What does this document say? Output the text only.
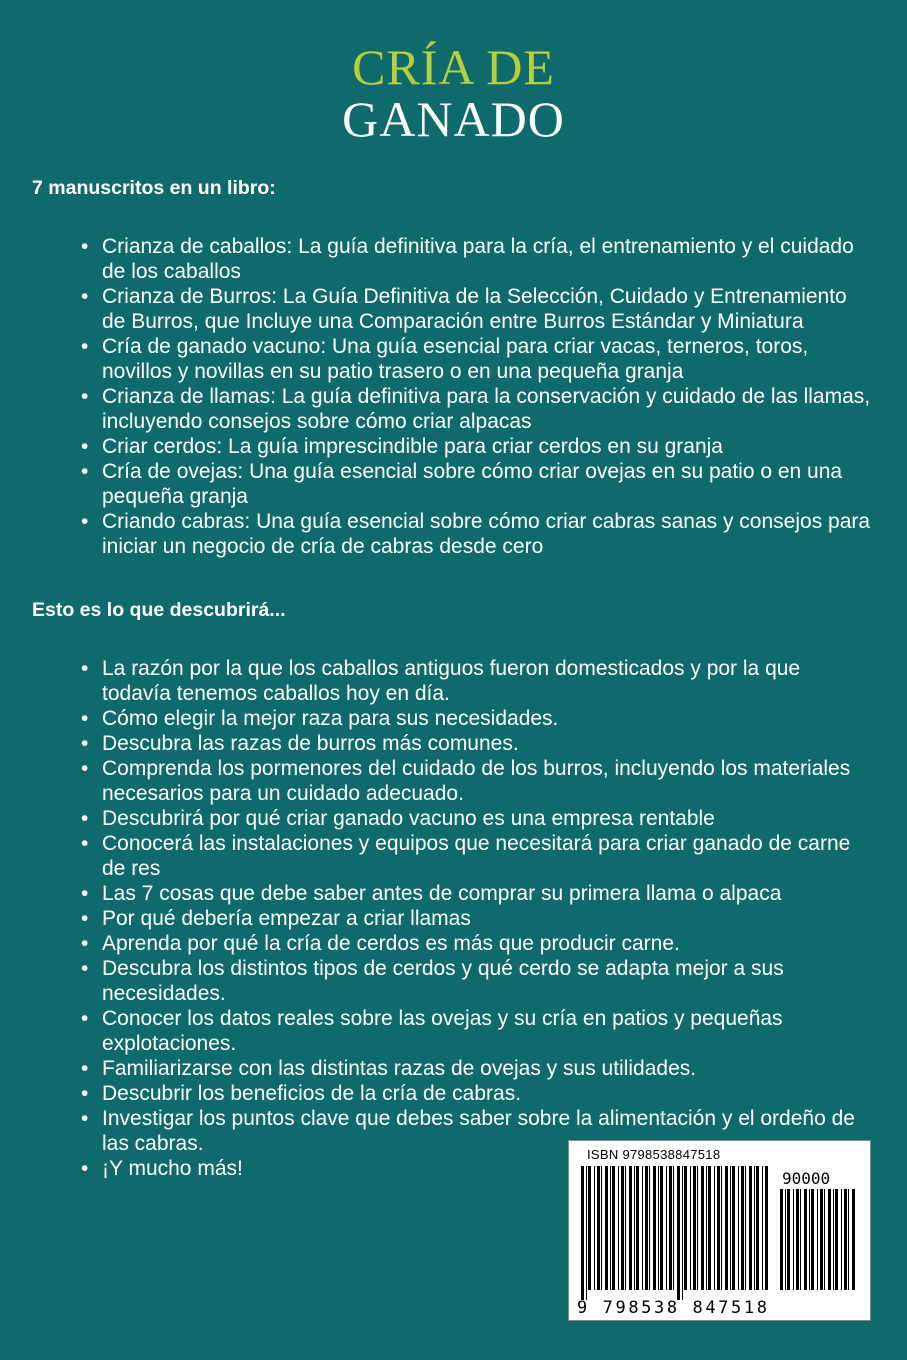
CRÍA DE
GANADO
7 manuscritos en un libro:
• Crianza de caballos: La guía definitiva para la cría, el entrenamiento y el cuidado de los caballos
• Crianza de Burros: La Guía Definitiva de la Selección, Cuidado y Entrenamiento de Burros, que Incluye una Comparación entre Burros Estándar y Miniatura
• Cría de ganado vacuno: Una guía esencial para criar vacas, terneros, toros, novillos y novillas en su patio trasero o en una pequeña granja
• Crianza de llamas: La guía definitiva para la conservación y cuidado de las llamas, incluyendo consejos sobre cómo criar alpacas
• Criar cerdos: La guía imprescindible para criar cerdos en su granja
• Cría de ovejas: Una guía esencial sobre cómo criar ovejas en su patio o en una pequeña granja
• Criando cabras: Una guía esencial sobre cómo criar cabras sanas y consejos para iniciar un negocio de cría de cabras desde cero
Esto es lo que descubrirá...
• La razón por la que los caballos antiguos fueron domesticados y por la que todavía tenemos caballos hoy en día.
• Cómo elegir la mejor raza para sus necesidades.
• Descubra las razas de burros más comunes.
• Comprenda los pormenores del cuidado de los burros, incluyendo los materiales necesarios para un cuidado adecuado.
• Descubrirá por qué criar ganado vacuno es una empresa rentable
• Conocerá las instalaciones y equipos que necesitará para criar ganado de carne de res
• Las 7 cosas que debe saber antes de comprar su primera llama o alpaca
• Por qué debería empezar a criar llamas
• Aprenda por qué la cría de cerdos es más que producir carne.
• Descubra los distintos tipos de cerdos y qué cerdo se adapta mejor a sus necesidades.
• Conocer los datos reales sobre las ovejas y su cría en patios y pequeñas explotaciones.
• Familiarizarse con las distintas razas de ovejas y sus utilidades.
• Descubrir los beneficios de la cría de cabras.
• Investigar los puntos clave que debes saber sobre la alimentación y el ordeño de las cabras.
• ¡Y mucho más!
ISBN 9798538847518
90000
9 798538 847518
